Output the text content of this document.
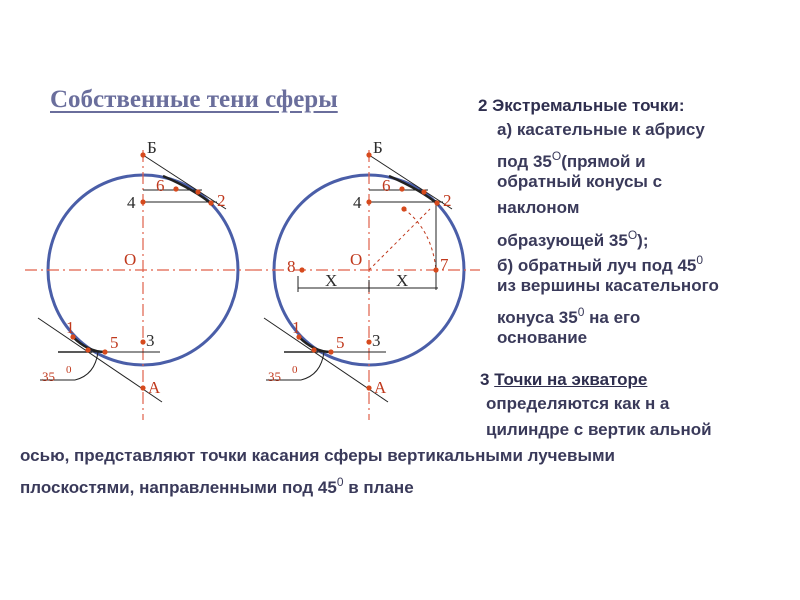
Собственные тени сферы
Б
6
4	2
О
1
5 3
А
35 0
Б
6
4	2
О
8	7
X	X
1
5 3
А
35 0
2 Экстремальные точки:
а) касательные к абрису
под $35^O(прямой$ и
обратный конусы с
наклоном
образующей $35^O$);
б) обратный луч под $45^0$
из вершины касательного
конуса $35^0$ на его
основание
3 Точки на экваторе
определяются как н а
цилиндре с вертик альной
осью, представляют точки касания сферы вертикальными лучевыми
плоскостями, направленными под $45^0$ в плане
